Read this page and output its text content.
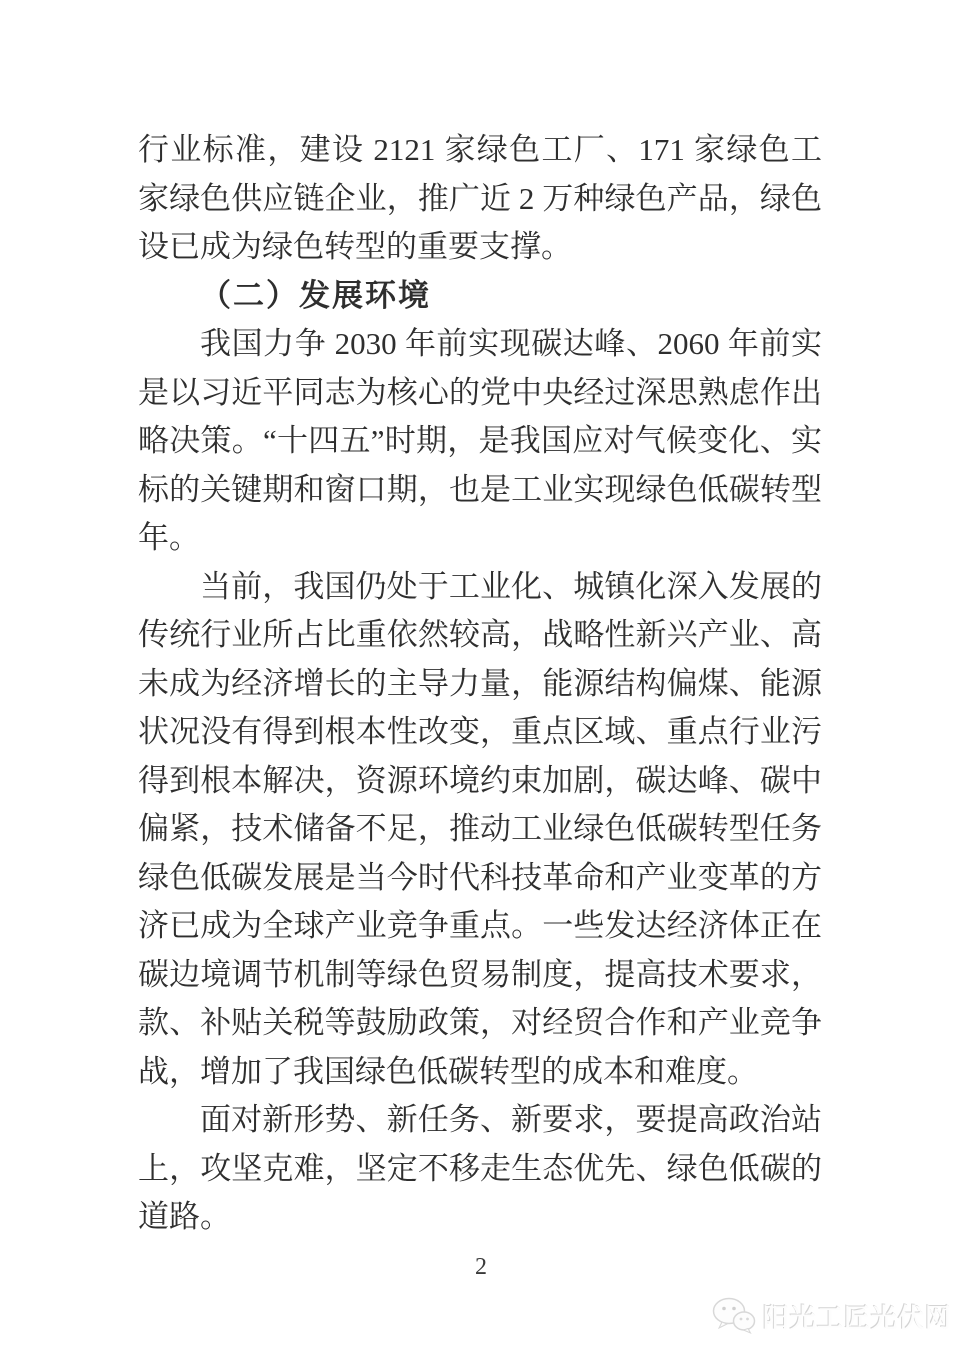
行业标准，建设 2121 家绿色工厂、171 家绿色工
家绿色供应链企业，推广近 2 万种绿色产品，绿色
设已成为绿色转型的重要支撑。
（二）发展环境
我国力争 2030 年前实现碳达峰、2060 年前实
是以习近平同志为核心的党中央经过深思熟虑作出
略决策。“十四五”时期，是我国应对气候变化、实
标的关键期和窗口期，也是工业实现绿色低碳转型
年。
当前，我国仍处于工业化、城镇化深入发展的
传统行业所占比重依然较高，战略性新兴产业、高
未成为经济增长的主导力量，能源结构偏煤、能源
状况没有得到根本性改变，重点区域、重点行业污
得到根本解决，资源环境约束加剧，碳达峰、碳中
偏紧，技术储备不足，推动工业绿色低碳转型任务
绿色低碳发展是当今时代科技革命和产业变革的方
济已成为全球产业竞争重点。一些发达经济体正在
碳边境调节机制等绿色贸易制度，提高技术要求，
款、补贴关税等鼓励政策，对经贸合作和产业竞争
战，增加了我国绿色低碳转型的成本和难度。
面对新形势、新任务、新要求，要提高政治站
上，攻坚克难，坚定不移走生态优先、绿色低碳的
道路。
2
阳光工匠光伏网
